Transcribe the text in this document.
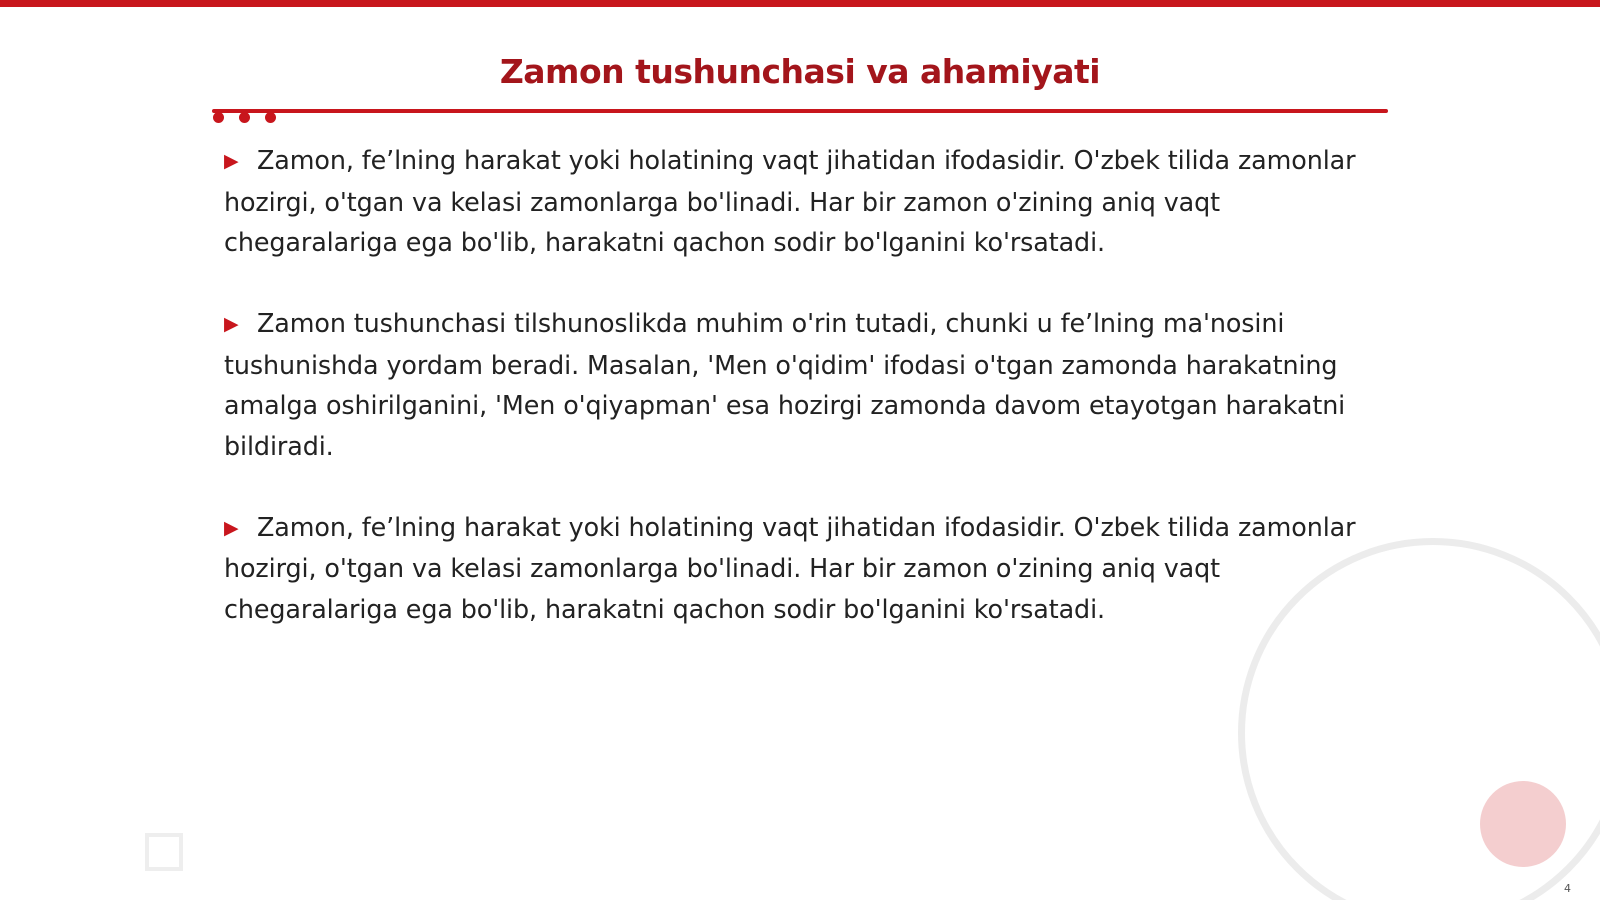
Zamon tushunchasi va ahamiyati

▶ Zamon, fe’lning harakat yoki holatining vaqt jihatidan ifodasidir. O'zbek tilida zamonlar hozirgi, o'tgan va kelasi zamonlarga bo'linadi. Har bir zamon o'zining aniq vaqt chegaralariga ega bo'lib, harakatni qachon sodir bo'lganini ko'rsatadi.

▶ Zamon tushunchasi tilshunoslikda muhim o'rin tutadi, chunki u fe’lning ma'nosini tushunishda yordam beradi. Masalan, 'Men o'qidim' ifodasi o'tgan zamonda harakatning amalga oshirilganini, 'Men o'qiyapman' esa hozirgi zamonda davom etayotgan harakatni bildiradi.

▶ Zamon, fe’lning harakat yoki holatining vaqt jihatidan ifodasidir. O'zbek tilida zamonlar hozirgi, o'tgan va kelasi zamonlarga bo'linadi. Har bir zamon o'zining aniq vaqt chegaralariga ega bo'lib, harakatni qachon sodir bo'lganini ko'rsatadi.

4
